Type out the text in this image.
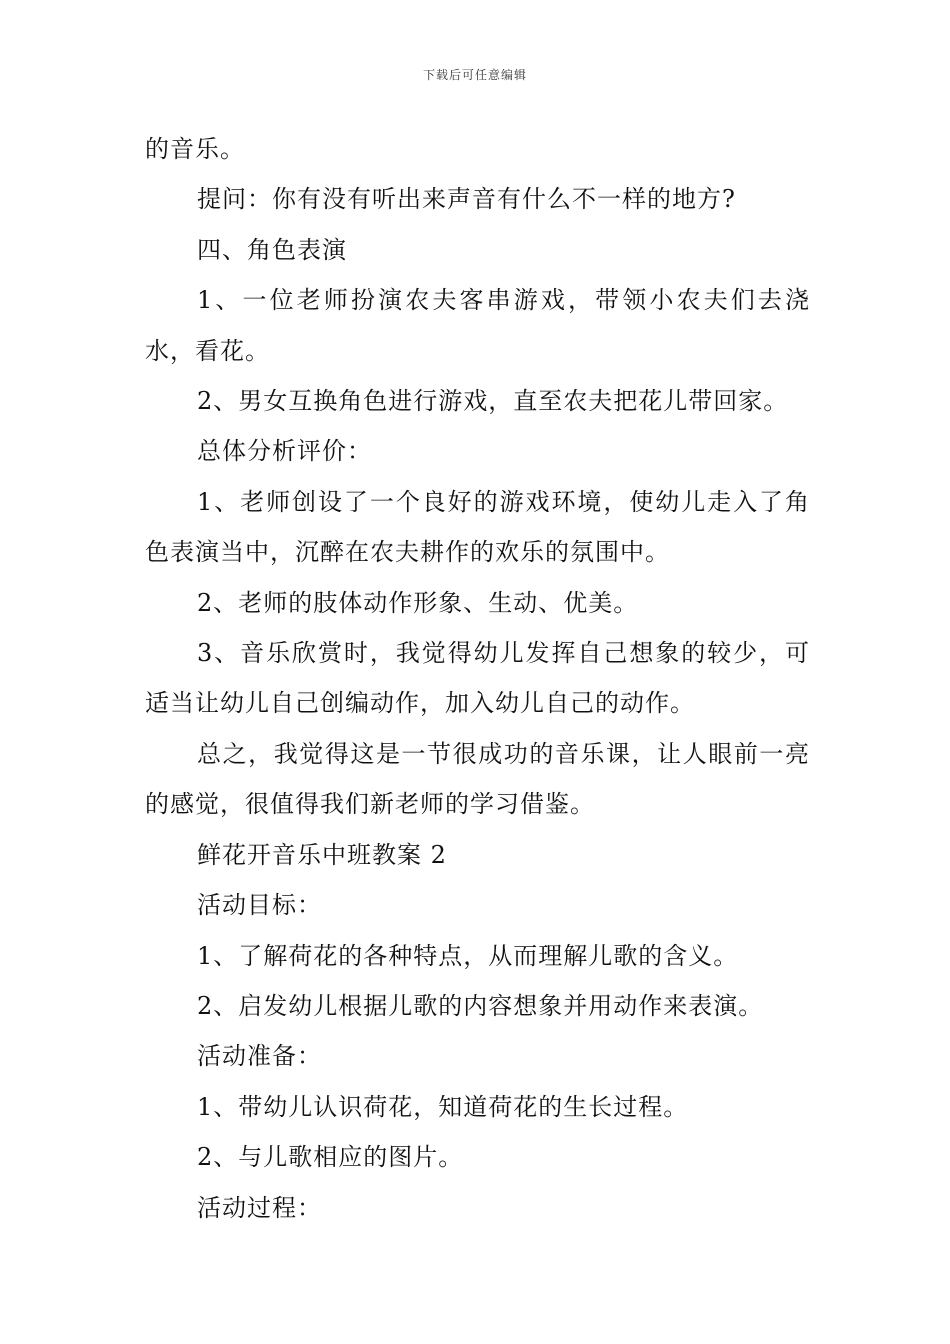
下载后可任意编辑

的音乐。

提问：你有没有听出来声音有什么不一样的地方?

四、角色表演

1、一位老师扮演农夫客串游戏，带领小农夫们去浇水，看花。

2、男女互换角色进行游戏，直至农夫把花儿带回家。

总体分析评价：

1、老师创设了一个良好的游戏环境，使幼儿走入了角色表演当中，沉醉在农夫耕作的欢乐的氛围中。

2、老师的肢体动作形象、生动、优美。

3、音乐欣赏时，我觉得幼儿发挥自己想象的较少，可适当让幼儿自己创编动作，加入幼儿自己的动作。

总之，我觉得这是一节很成功的音乐课，让人眼前一亮的感觉，很值得我们新老师的学习借鉴。

鲜花开音乐中班教案 2

活动目标：

1、了解荷花的各种特点，从而理解儿歌的含义。

2、启发幼儿根据儿歌的内容想象并用动作来表演。

活动准备：

1、带幼儿认识荷花，知道荷花的生长过程。

2、与儿歌相应的图片。

活动过程：
